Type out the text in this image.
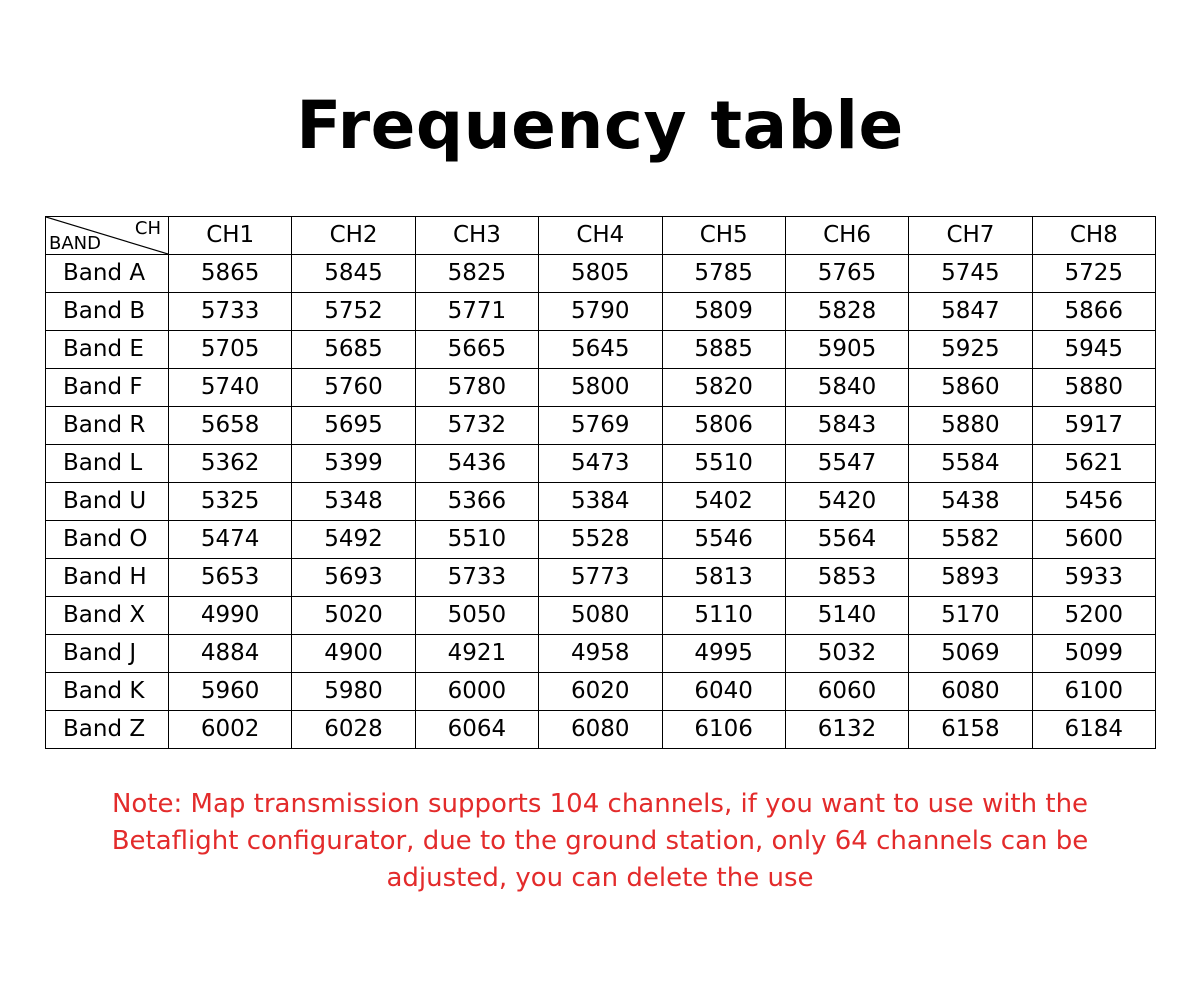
Frequency table
CH
BAND	CH1	CH2	CH3	CH4	CH5	CH6	CH7	CH8
Band A	5865	5845	5825	5805	5785	5765	5745	5725
Band B	5733	5752	5771	5790	5809	5828	5847	5866
Band E	5705	5685	5665	5645	5885	5905	5925	5945
Band F	5740	5760	5780	5800	5820	5840	5860	5880
Band R	5658	5695	5732	5769	5806	5843	5880	5917
Band L	5362	5399	5436	5473	5510	5547	5584	5621
Band U	5325	5348	5366	5384	5402	5420	5438	5456
Band O	5474	5492	5510	5528	5546	5564	5582	5600
Band H	5653	5693	5733	5773	5813	5853	5893	5933
Band X	4990	5020	5050	5080	5110	5140	5170	5200
Band J	4884	4900	4921	4958	4995	5032	5069	5099
Band K	5960	5980	6000	6020	6040	6060	6080	6100
Band Z	6002	6028	6064	6080	6106	6132	6158	6184

Note: Map transmission supports 104 channels, if you want to use with the
Betaflight configurator, due to the ground station, only 64 channels can be
adjusted, you can delete the use
